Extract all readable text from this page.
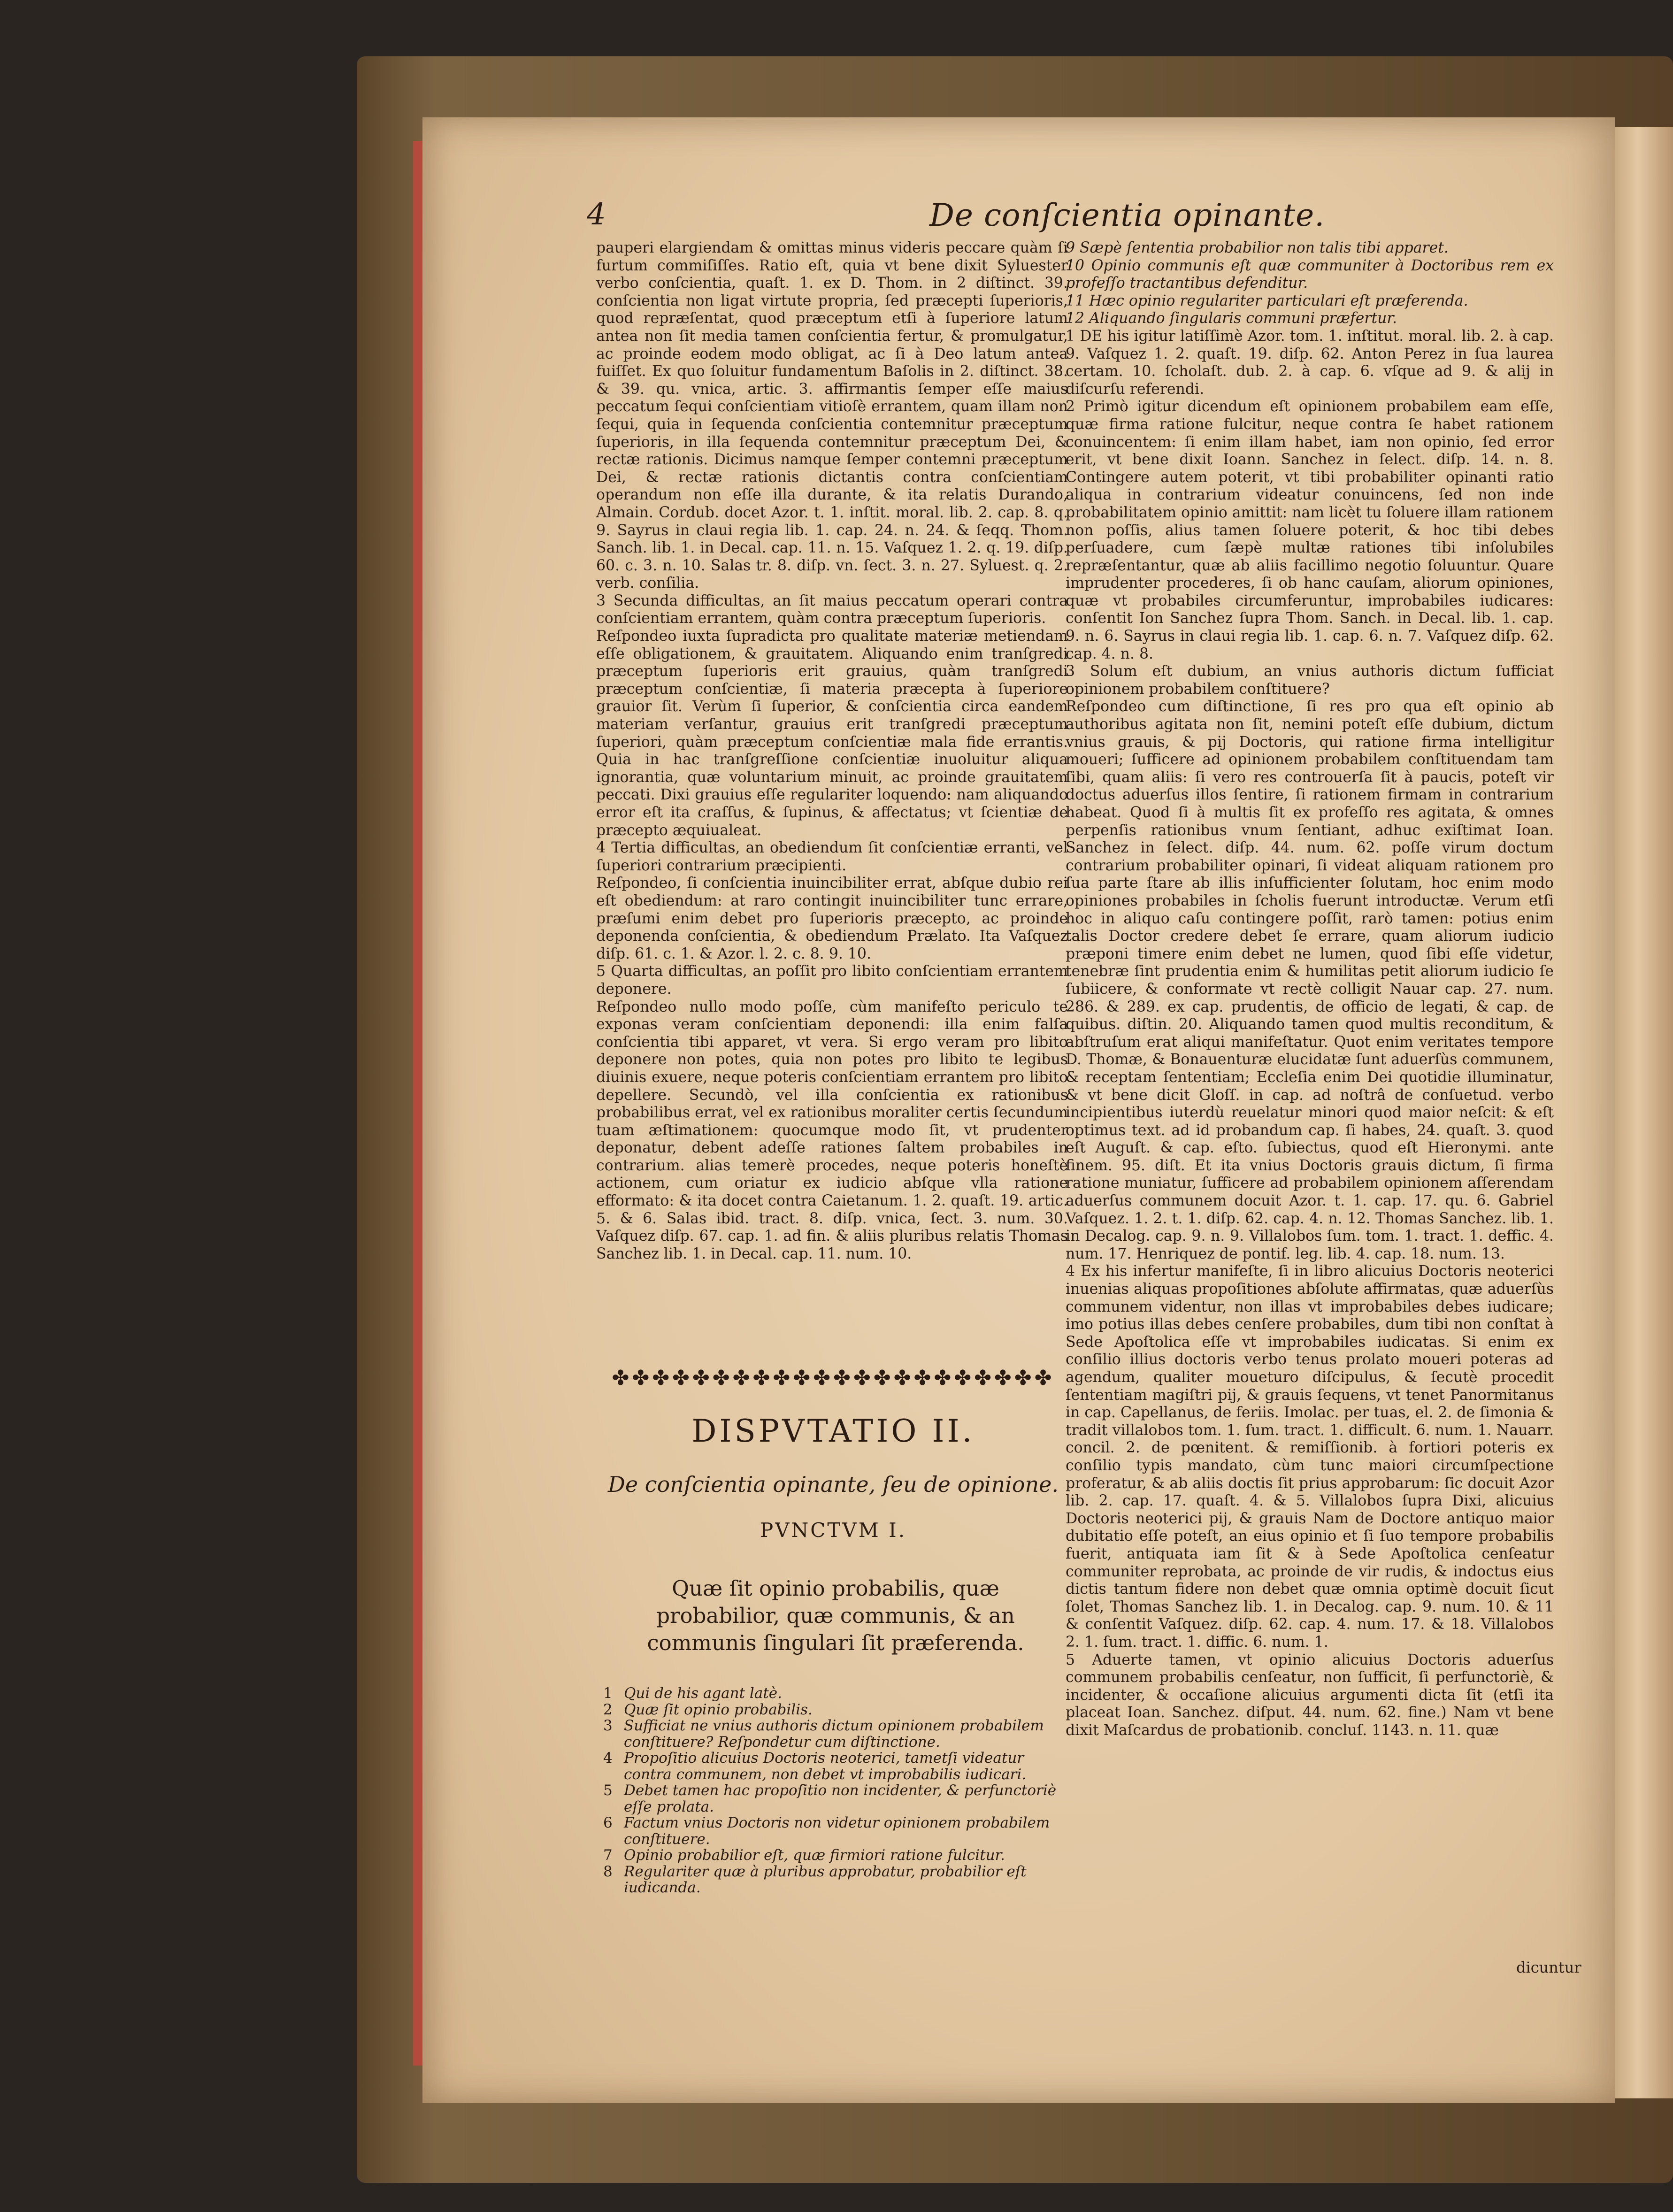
4	De conſcientia opinante.

pauperi elargiendam & omittas minus videris peccare quàm ſi furtum commiſiſſes. Ratio eſt, quia vt bene dixit Syluester verbo conſcientia, quaſt. 1. ex D. Thom. in 2 diſtinct. 39. conſcientia non ligat virtute propria, ſed præcepti ſuperioris, quod repræſentat, quod præceptum etſi à ſuperiore latum antea non ſit media tamen conſcientia fertur, & promulgatur, ac proinde eodem modo obligat, ac ſi à Deo latum antea fuiſſet. Ex quo ſoluitur fundamentum Baſolis in 2. diſtinct. 38. & 39. qu. vnica, artic. 3. affirmantis ſemper eſſe maius peccatum ſequi conſcientiam vitioſè errantem, quam illam non ſequi, quia in ſequenda conſcientia contemnitur præceptum ſuperioris, in illa ſequenda contemnitur præceptum Dei, & rectæ rationis. Dicimus namque ſemper contemni præceptum Dei, & rectæ rationis dictantis contra conſcientiam operandum non eſſe illa durante, & ita relatis Durando, Almain. Cordub. docet Azor. t. 1. inſtit. moral. lib. 2. cap. 8. q. 9. Sayrus in claui regia lib. 1. cap. 24. n. 24. & ſeqq. Thom. Sanch. lib. 1. in Decal. cap. 11. n. 15. Vaſquez 1. 2. q. 19. diſp. 60. c. 3. n. 10. Salas tr. 8. diſp. vn. ſect. 3. n. 27. Syluest. q. 2. verb. conſilia.

3 Secunda difficultas, an ſit maius peccatum operari contra conſcientiam errantem, quàm contra præceptum ſuperioris.

Reſpondeo iuxta ſupradicta pro qualitate materiæ metiendam eſſe obligationem, & grauitatem. Aliquando enim tranſgredi præceptum ſuperioris erit grauius, quàm tranſgredi præceptum conſcientiæ, ſi materia præcepta à ſuperiore grauior ſit. Verùm ſi ſuperior, & conſcientia circa eandem materiam verſantur, grauius erit tranſgredi præceptum ſuperiori, quàm præceptum conſcientiæ mala fide errantis. Quia in hac tranſgreſſione conſcientiæ inuoluitur aliqua ignorantia, quæ voluntarium minuit, ac proinde grauitatem peccati. Dixi grauius eſſe regulariter loquendo: nam aliquando error eſt ita craſſus, & ſupinus, & affectatus; vt ſcientiæ de præcepto æquiualeat.

4 Tertia difficultas, an obediendum ſit conſcientiæ erranti, vel ſuperiori contrarium præcipienti.

Reſpondeo, ſi conſcientia inuincibiliter errat, abſque dubio rei eſt obediendum: at raro contingit inuincibiliter tunc errare, præſumi enim debet pro ſuperioris præcepto, ac proinde deponenda conſcientia, & obediendum Prælato. Ita Vaſquez diſp. 61. c. 1. & Azor. l. 2. c. 8. 9. 10.

5 Quarta difficultas, an poſſit pro libito conſcientiam errantem deponere.

Reſpondeo nullo modo poſſe, cùm manifeſto periculo te exponas veram conſcientiam deponendi: illa enim falſa conſcientia tibi apparet, vt vera. Si ergo veram pro libito deponere non potes, quia non potes pro libito te legibus diuinis exuere, neque poteris conſcientiam errantem pro libito depellere. Secundò, vel illa conſcientia ex rationibus probabilibus errat, vel ex rationibus moraliter certis ſecundum tuam æſtimationem: quocumque modo ſit, vt prudenter deponatur, debent adeſſe rationes ſaltem probabiles in contrarium. alias temerè procedes, neque poteris honeſtè actionem, cum oriatur ex iudicio abſque vlla ratione efformato: & ita docet contra Caietanum. 1. 2. quaſt. 19. artic. 5. & 6. Salas ibid. tract. 8. diſp. vnica, ſect. 3. num. 30. Vaſquez diſp. 67. cap. 1. ad fin. & aliis pluribus relatis Thomas Sanchez lib. 1. in Decal. cap. 11. num. 10.

✤✤✤✤✤✤✤✤✤✤✤✤✤✤✤✤✤✤✤✤✤✤
DISPVTATIO II.
De conſcientia opinante, ſeu de opinione.
PVNCTVM I.
Quæ ſit opinio probabilis, quæ probabilior, quæ communis, & an communis ſingulari ſit præferenda.
1 Qui de his agant latè.
2 Quæ ſit opinio probabilis.
3 Sufficiat ne vnius authoris dictum opinionem probabilem conſtituere? Reſpondetur cum diſtinctione.
4 Propoſitio alicuius Doctoris neoterici, tametſi videatur contra communem, non debet vt improbabilis iudicari.
5 Debet tamen hac propoſitio non incidenter, & perfunctoriè eſſe prolata.
6 Factum vnius Doctoris non videtur opinionem probabilem conſtituere.
7 Opinio probabilior eſt, quæ firmiori ratione fulcitur.
8 Regulariter quæ à pluribus approbatur, probabilior eſt iudicanda.

9 Sæpè ſententia probabilior non talis tibi apparet.

10 Opinio communis eſt quæ communiter à Doctoribus rem ex profeſſo tractantibus defenditur.

11 Hæc opinio regulariter particulari eſt præferenda.

12 Aliquando ſingularis communi præfertur.

1 DE his igitur latiſſimè Azor. tom. 1. inſtitut. moral. lib. 2. à cap. 9. Vaſquez 1. 2. quaſt. 19. diſp. 62. Anton Perez in ſua laurea certam. 10. ſcholaſt. dub. 2. à cap. 6. vſque ad 9. & alij in diſcurſu referendi.

2 Primò igitur dicendum eſt opinionem probabilem eam eſſe, quæ firma ratione fulcitur, neque contra ſe habet rationem conuincentem: ſi enim illam habet, iam non opinio, ſed error erit, vt bene dixit Ioann. Sanchez in ſelect. diſp. 14. n. 8. Contingere autem poterit, vt tibi probabiliter opinanti ratio aliqua in contrarium videatur conuincens, ſed non inde probabilitatem opinio amittit: nam licèt tu ſoluere illam rationem non poſſis, alius tamen ſoluere poterit, & hoc tibi debes perſuadere, cum ſæpè multæ rationes tibi inſolubiles repræſentantur, quæ ab aliis facillimo negotio ſoluuntur. Quare imprudenter procederes, ſi ob hanc cauſam, aliorum opiniones, quæ vt probabiles circumferuntur, improbabiles iudicares: conſentit Ion Sanchez ſupra Thom. Sanch. in Decal. lib. 1. cap. 9. n. 6. Sayrus in claui regia lib. 1. cap. 6. n. 7. Vaſquez diſp. 62. cap. 4. n. 8.

3 Solum eſt dubium, an vnius authoris dictum ſufficiat opinionem probabilem conſtituere?

Reſpondeo cum diſtinctione, ſi res pro qua eſt opinio ab authoribus agitata non ſit, nemini poteſt eſſe dubium, dictum vnius grauis, & pij Doctoris, qui ratione firma intelligitur moueri; ſufficere ad opinionem probabilem conſtituendam tam ſibi, quam aliis: ſi vero res controuerſa ſit à paucis, poteſt vir doctus aduerſus illos ſentire, ſi rationem firmam in contrarium habeat. Quod ſi à multis ſit ex profeſſo res agitata, & omnes perpenſis rationibus vnum ſentiant, adhuc exiſtimat Ioan. Sanchez in ſelect. diſp. 44. num. 62. poſſe virum doctum contrarium probabiliter opinari, ſi videat aliquam rationem pro ſua parte ſtare ab illis inſufficienter ſolutam, hoc enim modo opiniones probabiles in ſcholis fuerunt introductæ. Verum etſi hoc in aliquo caſu contingere poſſit, rarò tamen: potius enim talis Doctor credere debet ſe errare, quam aliorum iudicio præponi timere enim debet ne lumen, quod ſibi eſſe videtur, tenebræ ſint prudentia enim & humilitas petit aliorum iudicio ſe ſubiicere, & conformate vt rectè colligit Nauar cap. 27. num. 286. & 289. ex cap. prudentis, de officio de legati, & cap. de quibus. diſtin. 20. Aliquando tamen quod multis reconditum, & abſtruſum erat aliqui manifeſtatur. Quot enim veritates tempore D. Thomæ, & Bonauenturæ elucidatæ ſunt aduerſùs communem, & receptam ſententiam; Eccleſia enim Dei quotidie illuminatur, & vt bene dicit Gloſſ. in cap. ad noſtrâ de conſuetud. verbo incipientibus iuterdù reuelatur minori quod maior neſcit: & eſt optimus text. ad id probandum cap. ſi habes, 24. quaſt. 3. quod eſt Auguſt. & cap. eſto. ſubiectus, quod eſt Hieronymi. ante finem. 95. diſt. Et ita vnius Doctoris grauis dictum, ſi firma ratione muniatur, ſufficere ad probabilem opinionem aſſerendam aduerſus communem docuit Azor. t. 1. cap. 17. qu. 6. Gabriel Vaſquez. 1. 2. t. 1. diſp. 62. cap. 4. n. 12. Thomas Sanchez. lib. 1. in Decalog. cap. 9. n. 9. Villalobos ſum. tom. 1. tract. 1. deffic. 4. num. 17. Henriquez de pontif. leg. lib. 4. cap. 18. num. 13.

4 Ex his infertur manifeſte, ſi in libro alicuius Doctoris neoterici inuenias aliquas propoſitiones abſolute affirmatas, quæ aduerſùs communem videntur, non illas vt improbabiles debes iudicare; imo potius illas debes cenſere probabiles, dum tibi non conſtat à Sede Apoſtolica eſſe vt improbabiles iudicatas. Si enim ex conſilio illius doctoris verbo tenus prolato moueri poteras ad agendum, qualiter moueturo diſcipulus, & ſecutè procedit ſententiam magiſtri pij, & grauis ſequens, vt tenet Panormitanus in cap. Capellanus, de feriis. Imolac. per tuas, el. 2. de ſimonia & tradit villalobos tom. 1. ſum. tract. 1. difficult. 6. num. 1. Nauarr. concil. 2. de pœnitent. & remiſſionib. à fortiori poteris ex conſilio typis mandato, cùm tunc maiori circumſpectione proferatur, & ab aliis doctis ſit prius approbarum: ſic docuit Azor lib. 2. cap. 17. quaſt. 4. & 5. Villalobos ſupra Dixi, alicuius Doctoris neoterici pij, & grauis Nam de Doctore antiquo maior dubitatio eſſe poteſt, an eius opinio et ſi ſuo tempore probabilis fuerit, antiquata iam ſit & à Sede Apoſtolica cenſeatur communiter reprobata, ac proinde de vir rudis, & indoctus eius dictis tantum fidere non debet quæ omnia optimè docuit ſicut ſolet, Thomas Sanchez lib. 1. in Decalog. cap. 9. num. 10. & 11 & conſentit Vaſquez. diſp. 62. cap. 4. num. 17. & 18. Villalobos 2. 1. ſum. tract. 1. diffic. 6. num. 1.

5 Aduerte tamen, vt opinio alicuius Doctoris aduerſus communem probabilis cenſeatur, non ſufficit, ſi perfunctoriè, & incidenter, & occaſione alicuius argumenti dicta ſit (etſi ita placeat Ioan. Sanchez. diſput. 44. num. 62. fine.) Nam vt bene dixit Maſcardus de probationib. concluſ. 1143. n. 11. quæ

dicuntur
